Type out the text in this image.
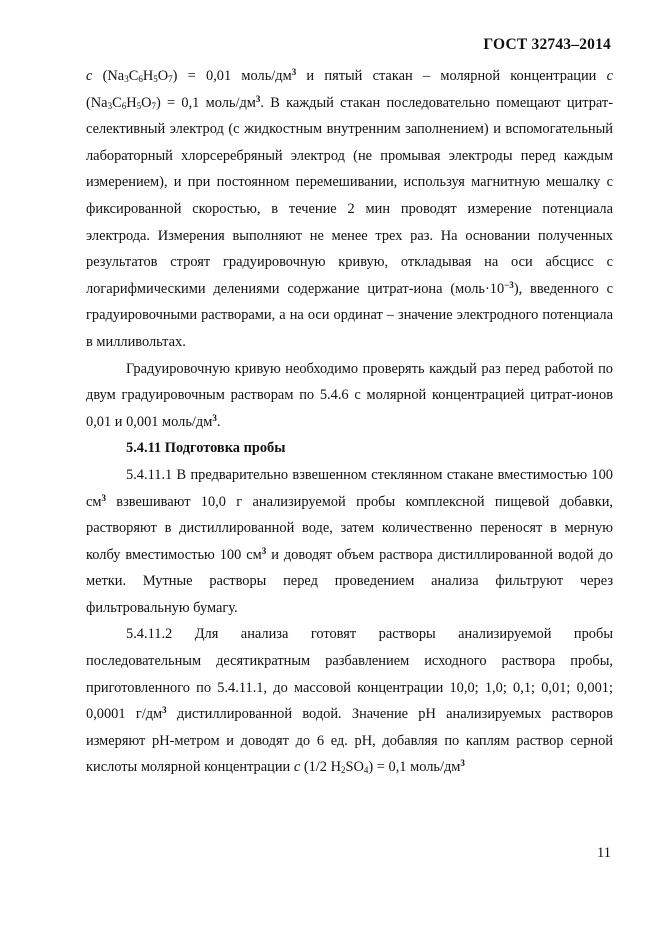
ГОСТ 32743–2014

c $(Na_3C_6H_5O_7) = 0,01$ моль/$дм^3$ и пятый стакан – молярной концентрации c $(Na_3C_6H_5O_7) = 0,1$ моль/$дм^3$. В каждый стакан последовательно помещают цитрат-селективный электрод (с жидкостным внутренним заполнением) и вспомогательный лабораторный хлорсеребряный электрод (не промывая электроды перед каждым измерением), и при постоянном перемешивании, используя магнитную мешалку с фиксированной скоростью, в течение 2 мин проводят измерение потенциала электрода. Измерения выполняют не менее трех раз. На основании полученных результатов строят градуировочную кривую, откладывая на оси абсцисс с логарифмическими делениями содержание цитрат-иона $(моль\cdot 10^{-3})$, введенного с градуировочными растворами, а на оси ординат – значение электродного потенциала в милливольтах.

Градуировочную кривую необходимо проверять каждый раз перед работой по двум градуировочным растворам по 5.4.6 с молярной концентрацией цитрат-ионов 0,01 и 0,001 моль/$дм^3$.

5.4.11 Подготовка пробы

5.4.11.1 В предварительно взвешенном стеклянном стакане вместимостью 100 $см^3$ взвешивают 10,0 г анализируемой пробы комплексной пищевой добавки, растворяют в дистиллированной воде, затем количественно переносят в мерную колбу вместимостью 100 $см^3$ и доводят объем раствора дистиллированной водой до метки. Мутные растворы перед проведением анализа фильтруют через фильтровальную бумагу.

5.4.11.2 Для анализа готовят растворы анализируемой пробы последовательным десятикратным разбавлением исходного раствора пробы, приготовленного по 5.4.11.1, до массовой концентрации 10,0; 1,0; 0,1; 0,01; 0,001; 0,0001 $г/дм^3$ дистиллированной водой. Значение pH анализируемых растворов измеряют pH-метром и доводят до 6 ед. pH, добавляя по каплям раствор серной кислоты молярной концентрации c (1/2 $H_2SO_4) = 0,1$ моль/$дм^3$

11
